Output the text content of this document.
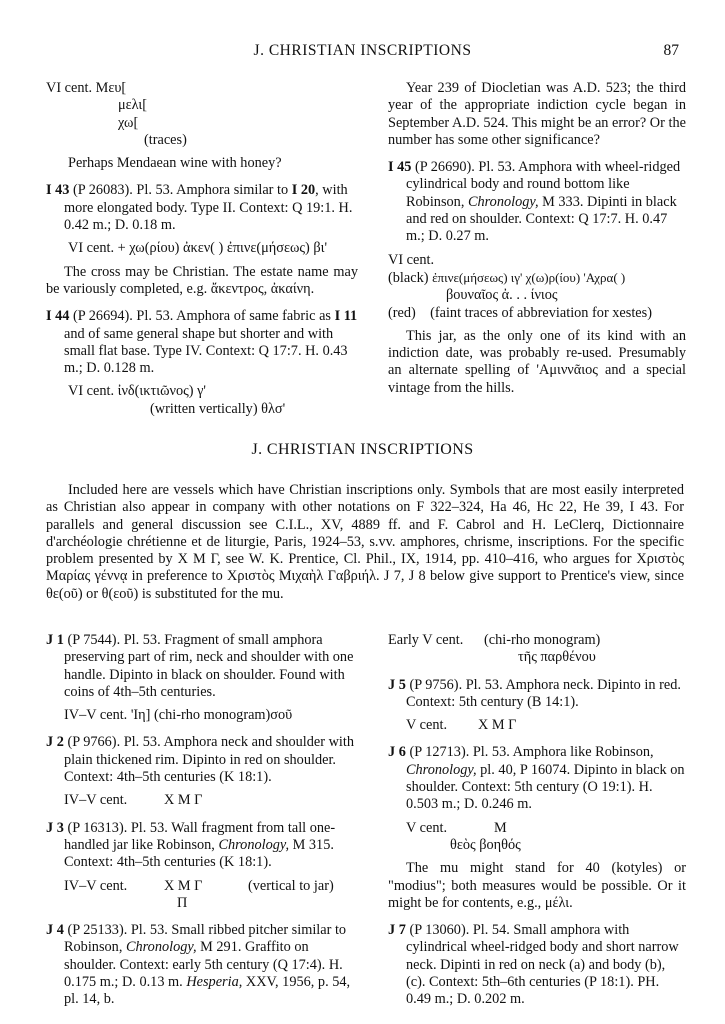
J. CHRISTIAN INSCRIPTIONS	87

VI cent. Μευ[

μελι[

χω[

(traces)

Perhaps Mendaean wine with honey?

I 43 (P 26083). Pl. 53. Amphora similar to I 20, with more elongated body. Type II. Context: Q 19:1. H. 0.42 m.; D. 0.18 m.

VI cent. + χω(ρίου) ἀκεν( ) ἐπινε(μήσεως) βι'

The cross may be Christian. The estate name may be variously completed, e.g. ἄκεντρος, ἀκαίνη.

I 44 (P 26694). Pl. 53. Amphora of same fabric as I 11 and of same general shape but shorter and with small flat base. Type IV. Context: Q 17:7. H. 0.43 m.; D. 0.128 m.

VI cent. ἰνδ(ικτιῶνος) γ'

(written vertically) θλσ'

Year 239 of Diocletian was A.D. 523; the third year of the appropriate indiction cycle began in September A.D. 524. This might be an error? Or the number has some other significance?

I 45 (P 26690). Pl. 53. Amphora with wheel-ridged cylindrical body and round bottom like Robinson, Chronology, M 333. Dipinti in black and red on shoulder. Context: Q 17:7. H. 0.47 m.; D. 0.27 m.

VI cent.

(black) ἐπινε(μήσεως) ιγ' χ(ω)ρ(ίου) 'Αχρα( )

βουναῖος ἀ. . . ίνιος

(red) (faint traces of abbreviation for xestes)

This jar, as the only one of its kind with an indiction date, was probably re-used. Presumably an alternate spelling of 'Αμιννᾶιος and a special vintage from the hills.

J. CHRISTIAN INSCRIPTIONS

Included here are vessels which have Christian inscriptions only. Symbols that are most easily interpreted as Christian also appear in company with other notations on F 322–324, Ha 46, Hc 22, He 39, I 43. For parallels and general discussion see C.I.L., XV, 4889 ff. and F. Cabrol and H. LeClerq, Dictionnaire d'archéologie chrétienne et de liturgie, Paris, 1924–53, s.vv. amphores, chrisme, inscriptions. For the specific problem presented by Χ Μ Γ, see W. K. Prentice, Cl. Phil., IX, 1914, pp. 410–416, who argues for Χριστὸς Μαρίας γέννᾳ in preference to Χριστὸς Μιχαὴλ Γαβριήλ. J 7, J 8 below give support to Prentice's view, since θε(οῦ) or θ(εοῦ) is substituted for the mu.

J 1 (P 7544). Pl. 53. Fragment of small amphora preserving part of rim, neck and shoulder with one handle. Dipinto in black on shoulder. Found with coins of 4th–5th centuries.

IV–V cent. 'Ιη] (chi-rho monogram)σοῦ

J 2 (P 9766). Pl. 53. Amphora neck and shoulder with plain thickened rim. Dipinto in red on shoulder. Context: 4th–5th centuries (K 18:1).

IV–V cent.	Χ Μ Γ

J 3 (P 16313). Pl. 53. Wall fragment from tall one-handled jar like Robinson, Chronology, M 315. Context: 4th–5th centuries (K 18:1).

IV–V cent.	Χ Μ Γ	(vertical to jar)

Π

J 4 (P 25133). Pl. 53. Small ribbed pitcher similar to Robinson, Chronology, M 291. Graffito on shoulder. Context: early 5th century (Q 17:4). H. 0.175 m.; D. 0.13 m. Hesperia, XXV, 1956, p. 54, pl. 14, b.

Early V cent. (chi-rho monogram)

τῆς παρθένου

J 5 (P 9756). Pl. 53. Amphora neck. Dipinto in red. Context: 5th century (B 14:1).

V cent. Χ Μ Γ

J 6 (P 12713). Pl. 53. Amphora like Robinson, Chronology, pl. 40, P 16074. Dipinto in black on shoulder. Context: 5th century (O 19:1). H. 0.503 m.; D. 0.246 m.

V cent.	Μ

θεὸς βοηθός

The mu might stand for 40 (kotyles) or "modius"; both measures would be possible. Or it might be for contents, e.g., μέλι.

J 7 (P 13060). Pl. 54. Small amphora with cylindrical wheel-ridged body and short narrow neck. Dipinti in red on neck (a) and body (b), (c). Context: 5th–6th centuries (P 18:1). PH. 0.49 m.; D. 0.202 m.
